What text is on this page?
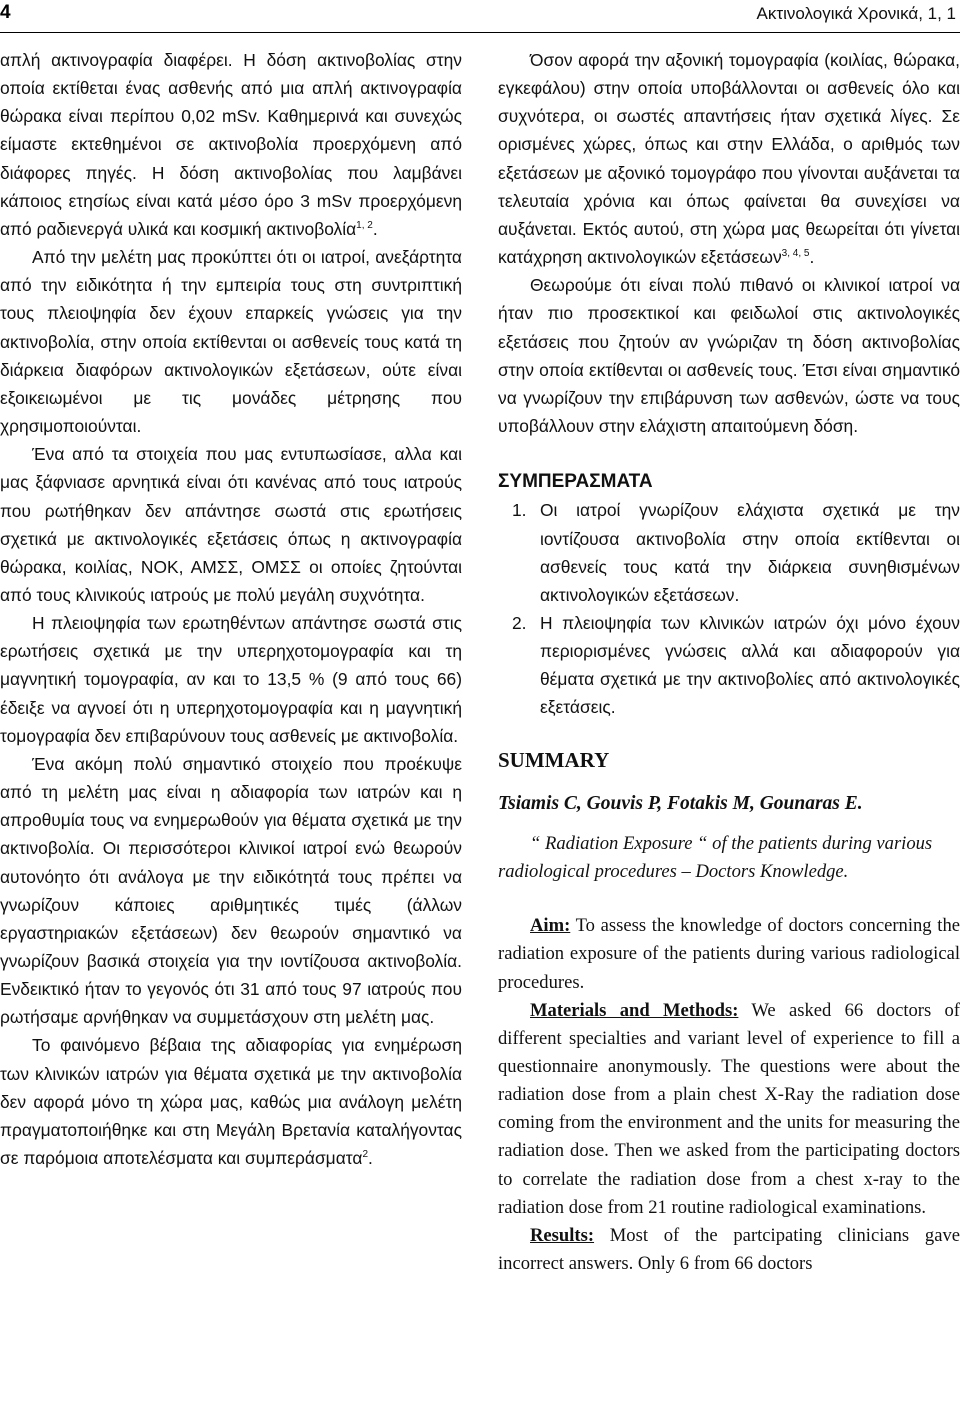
4	Ακτινολογικά Χρονικά, 1, 1

απλή ακτινογραφία διαφέρει. Η δόση ακτινοβολίας στην οποία εκτίθεται ένας ασθενής από μια απλή ακτινογραφία θώρακα είναι περίπου 0,02 mSv. Καθημερινά και συνεχώς είμαστε εκτεθημένοι σε ακτινοβολία προερχόμενη από διάφορες πηγές. Η δόση ακτινοβολίας που λαμβάνει κάποιος ετησίως είναι κατά μέσο όρο 3 mSv προερχόμενη από ραδιενεργά υλικά και κοσμική ακτινοβολία$^{1, 2}$.

Από την μελέτη μας προκύπτει ότι οι ιατροί, ανεξάρτητα από την ειδικότητα ή την εμπειρία τους στη συντριπτική τους πλειοψηφία δεν έχουν επαρκείς γνώσεις για την ακτινοβολία, στην οποία εκτίθενται οι ασθενείς τους κατά τη διάρκεια διαφόρων ακτινολογικών εξετάσεων, ούτε είναι εξοικειωμένοι με τις μονάδες μέτρησης που χρησιμοποιούνται.

Ένα από τα στοιχεία που μας εντυπωσίασε, αλλα και μας ξάφνιασε αρνητικά είναι ότι κανένας από τους ιατρούς που ρωτήθηκαν δεν απάντησε σωστά στις ερωτήσεις σχετικά με ακτινολογικές εξετάσεις όπως η ακτινογραφία θώρακα, κοιλίας, ΝΟΚ, ΑΜΣΣ, ΟΜΣΣ οι οποίες ζητούνται από τους κλινικούς ιατρούς με πολύ μεγάλη συχνότητα.

Η πλειοψηφία των ερωτηθέντων απάντησε σωστά στις ερωτήσεις σχετικά με την υπερηχοτομογραφία και τη μαγνητική τομογραφία, αν και το 13,5 % (9 από τους 66) έδειξε να αγνοεί ότι η υπερηχοτομογραφία και η μαγνητική τομογραφία δεν επιβαρύνουν τους ασθενείς με ακτινοβολία.

Ένα ακόμη πολύ σημαντικό στοιχείο που προέκυψε από τη μελέτη μας είναι η αδιαφορία των ιατρών και η απροθυμία τους να ενημερωθούν για θέματα σχετικά με την ακτινοβολία. Οι περισσότεροι κλινικοί ιατροί ενώ θεωρούν αυτονόητο ότι ανάλογα με την ειδικότητά τους πρέπει να γνωρίζουν κάποιες αριθμητικές τιμές (άλλων εργαστηριακών εξετάσεων) δεν θεωρούν σημαντικό να γνωρίζουν βασικά στοιχεία για την ιοντίζουσα ακτινοβολία. Ενδεικτικό ήταν το γεγονός ότι 31 από τους 97 ιατρούς που ρωτήσαμε αρνήθηκαν να συμμετάσχουν στη μελέτη μας.

Το φαινόμενο βέβαια της αδιαφορίας για ενημέρωση των κλινικών ιατρών για θέματα σχετικά με την ακτινοβολία δεν αφορά μόνο τη χώρα μας, καθώς μια ανάλογη μελέτη πραγματοποιήθηκε και στη Μεγάλη Βρετανία καταλήγοντας σε παρόμοια αποτελέσματα και συμπεράσματα$^2$.

Όσον αφορά την αξονική τομογραφία (κοιλίας, θώρακα, εγκεφάλου) στην οποία υποβάλλονται οι ασθενείς όλο και συχνότερα, οι σωστές απαντήσεις ήταν σχετικά λίγες. Σε ορισμένες χώρες, όπως και στην Ελλάδα, ο αριθμός των εξετάσεων με αξονικό τομογράφο που γίνονται αυξάνεται τα τελευταία χρόνια και όπως φαίνεται θα συνεχίσει να αυξάνεται. Εκτός αυτού, στη χώρα μας θεωρείται ότι γίνεται κατάχρηση ακτινολογικών εξετάσεων$^{3, 4, 5}$.

Θεωρούμε ότι είναι πολύ πιθανό οι κλινικοί ιατροί να ήταν πιο προσεκτικοί και φειδωλοί στις ακτινολογικές εξετάσεις που ζητούν αν γνώριζαν τη δόση ακτινοβολίας στην οποία εκτίθενται οι ασθενείς τους. Έτσι είναι σημαντικό να γνωρίζουν την επιβάρυνση των ασθενών, ώστε να τους υποβάλλουν στην ελάχιστη απαιτούμενη δόση.

ΣΥΜΠΕΡΑΣΜΑΤΑ

1. Οι ιατροί γνωρίζουν ελάχιστα σχετικά με την ιοντίζουσα ακτινοβολία στην οποία εκτίθενται οι ασθενείς τους κατά την διάρκεια συνηθισμένων ακτινολογικών εξετάσεων.
2. Η πλειοψηφία των κλινικών ιατρών όχι μόνο έχουν περιορισμένες γνώσεις αλλά και αδιαφορούν για θέματα σχετικά με την ακτινοβολίες από ακτινολογικές εξετάσεις.

SUMMARY

Tsiamis C, Gouvis P, Fotakis M, Gounaras E.

“ Radiation Exposure “ of the patients during various radiological procedures – Doctors Knowledge.

Aim: To assess the knowledge of doctors concerning the radiation exposure of the patients during various radiological procedures.

Materials and Methods: We asked 66 doctors of different specialties and variant level of experience to fill a questionnaire anonymously. The questions were about the radiation dose from a plain chest X-Ray the radiation dose coming from the environment and the units for measuring the radiation dose. Then we asked from the participating doctors to correlate the radiation dose from a chest x-ray to the radiation dose from 21 routine radiological examinations.

Results: Most of the partcipating clinicians gave incorrect answers. Only 6 from 66 doctors
